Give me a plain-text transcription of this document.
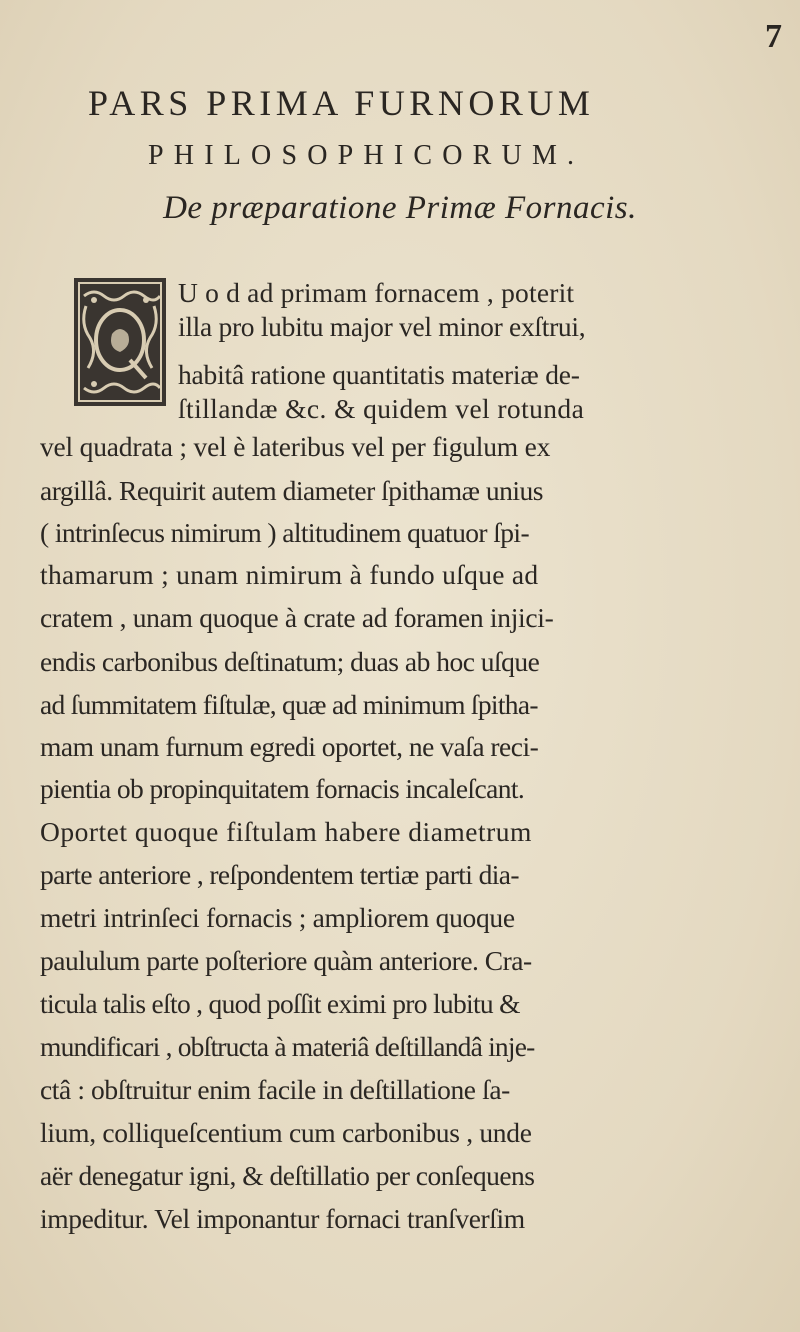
7
PARS PRIMA FURNORUM
PHILOSOPHICORUM.
De præparatione Primæ Fornacis.
U o d ad primam fornacem , poterit
illa pro lubitu major vel minor exſtrui,
habitâ ratione quantitatis materiæ de-
ſtillandæ &c. & quidem vel rotunda
vel quadrata ; vel è lateribus vel per figulum ex
argillâ. Requirit autem diameter ſpithamæ unius
( intrinſecus nimirum ) altitudinem quatuor ſpi-
thamarum ; unam nimirum à fundo uſque ad
cratem , unam quoque à crate ad foramen injici-
endis carbonibus deſtinatum; duas ab hoc uſque
ad ſummitatem fiſtulæ, quæ ad minimum ſpitha-
mam unam furnum egredi oportet, ne vaſa reci-
pientia ob propinquitatem fornacis incaleſcant.
Oportet quoque fiſtulam habere diametrum
parte anteriore , reſpondentem tertiæ parti dia-
metri intrinſeci fornacis ; ampliorem quoque
paululum parte poſteriore quàm anteriore. Cra-
ticula talis eſto , quod poſſit eximi pro lubitu &
mundificari , obſtructa à materiâ deſtillandâ inje-
ctâ : obſtruitur enim facile in deſtillatione ſa-
lium, colliqueſcentium cum carbonibus , unde
aër denegatur igni, & deſtillatio per conſequens
impeditur. Vel imponantur fornaci tranſverſim
